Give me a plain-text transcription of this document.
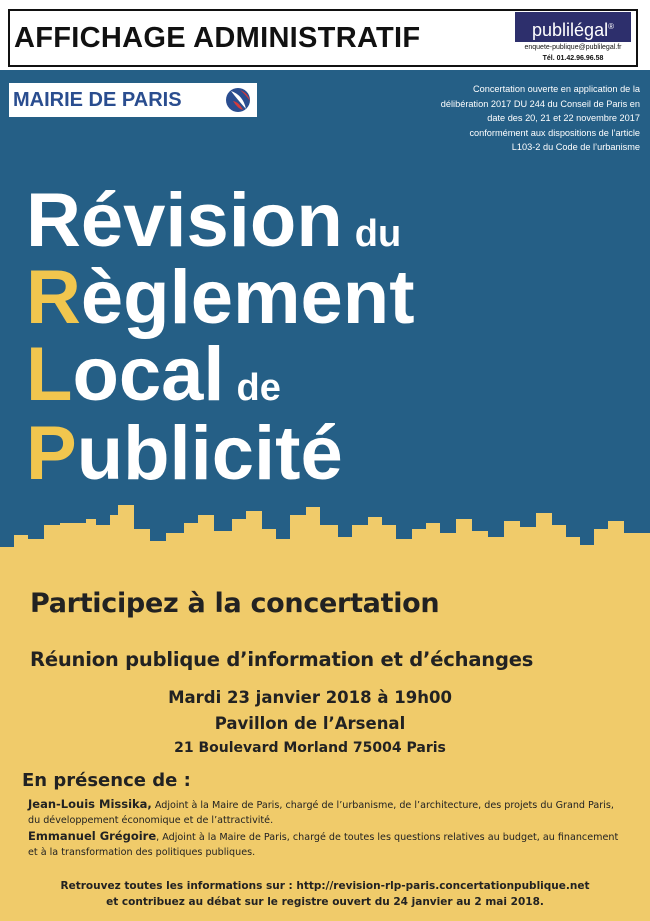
AFFICHAGE ADMINISTRATIF	publilégal®
enquete-publique@publilegal.fr
Tél. 01.42.96.96.58
MAIRIE DE PARIS	Concertation ouverte en application de la
délibération 2017 DU 244 du Conseil de Paris en
date des 20, 21 et 22 novembre 2017
conformément aux dispositions de l’article
L103-2 du Code de l’urbanisme
Révision du
Règlement
Local de
Publicité
Participez à la concertation
Réunion publique d’information et d’échanges
Mardi 23 janvier 2018 à 19h00
Pavillon de l’Arsenal
21 Boulevard Morland 75004 Paris
En présence de :
Jean-Louis Missika, Adjoint à la Maire de Paris, chargé de l’urbanisme, de l’architecture, des projets du Grand Paris, du développement économique et de l’attractivité.
Emmanuel Grégoire, Adjoint à la Maire de Paris, chargé de toutes les questions relatives au budget, au financement et à la transformation des politiques publiques.
Retrouvez toutes les informations sur : http://revision-rlp-paris.concertationpublique.net
et contribuez au débat sur le registre ouvert du 24 janvier au 2 mai 2018.
